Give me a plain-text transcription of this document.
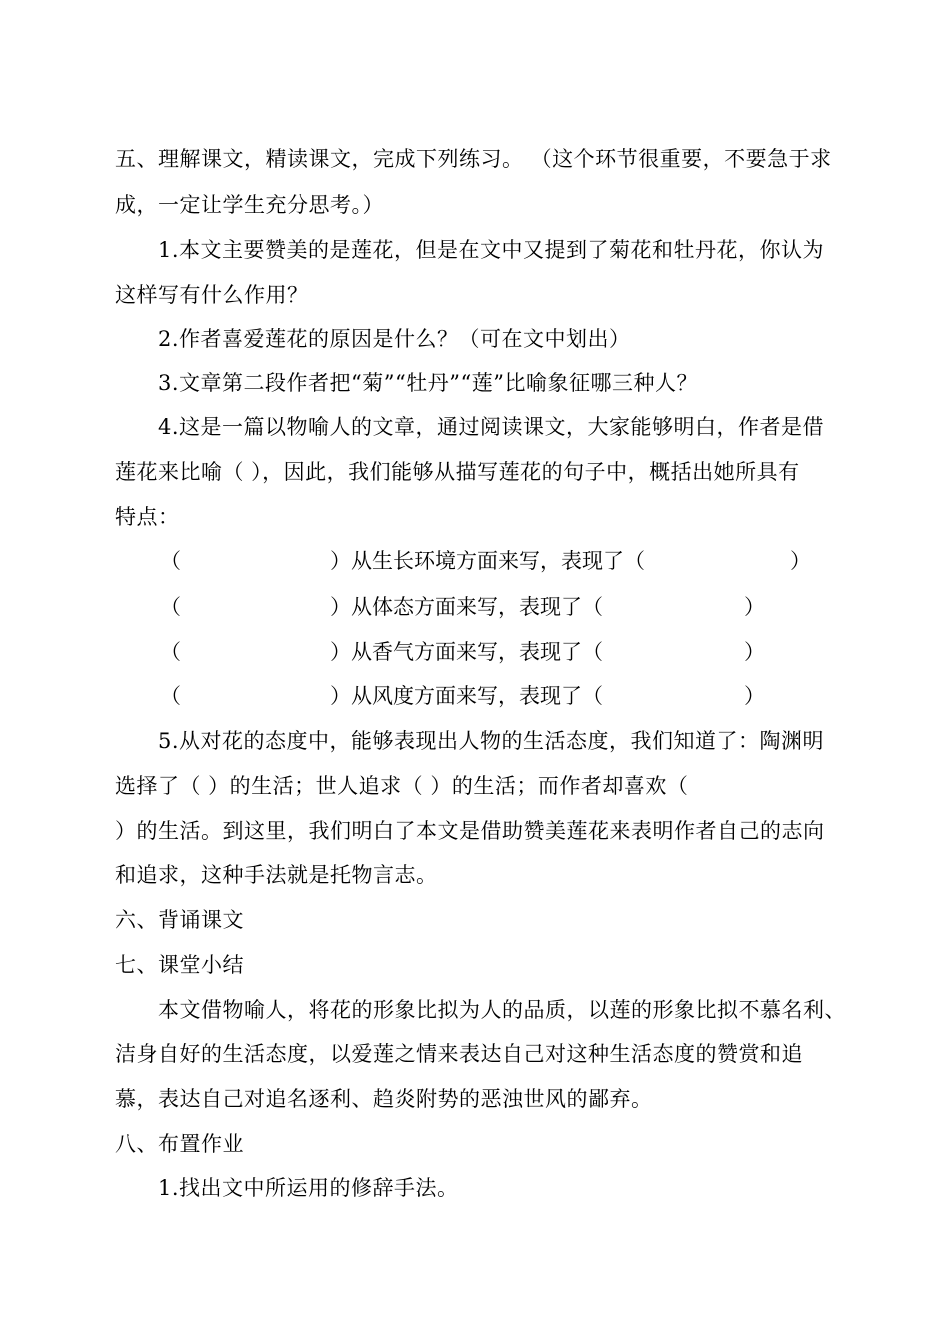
五、理解课文，精读课文，完成下列练习。 （这个环节很重要，不要急于求
成，一定让学生充分思考。）
1.本文主要赞美的是莲花，但是在文中又提到了菊花和牡丹花，你认为
这样写有什么作用？
2.作者喜爱莲花的原因是什么？（可在文中划出）
3.文章第二段作者把“菊”“牡丹”“莲”比喻象征哪三种人？
4.这是一篇以物喻人的文章，通过阅读课文，大家能够明白，作者是借
莲花来比喻（ ），因此，我们能够从描写莲花的句子中，概括出她所具有
特点：
（	）从生长环境方面来写，表现了（	）
（	）从体态方面来写，表现了（	）
（	）从香气方面来写，表现了（	）
（	）从风度方面来写，表现了（	）
5.从对花的态度中，能够表现出人物的生活态度，我们知道了：陶渊明
选择了（ ）的生活；世人追求（ ）的生活；而作者却喜欢（
）的生活。到这里，我们明白了本文是借助赞美莲花来表明作者自己的志向
和追求，这种手法就是托物言志。
六、背诵课文
七、课堂小结
本文借物喻人，将花的形象比拟为人的品质，以莲的形象比拟不慕名利、
洁身自好的生活态度，以爱莲之情来表达自己对这种生活态度的赞赏和追
慕，表达自己对追名逐利、趋炎附势的恶浊世风的鄙弃。
八、布置作业
1.找出文中所运用的修辞手法。
